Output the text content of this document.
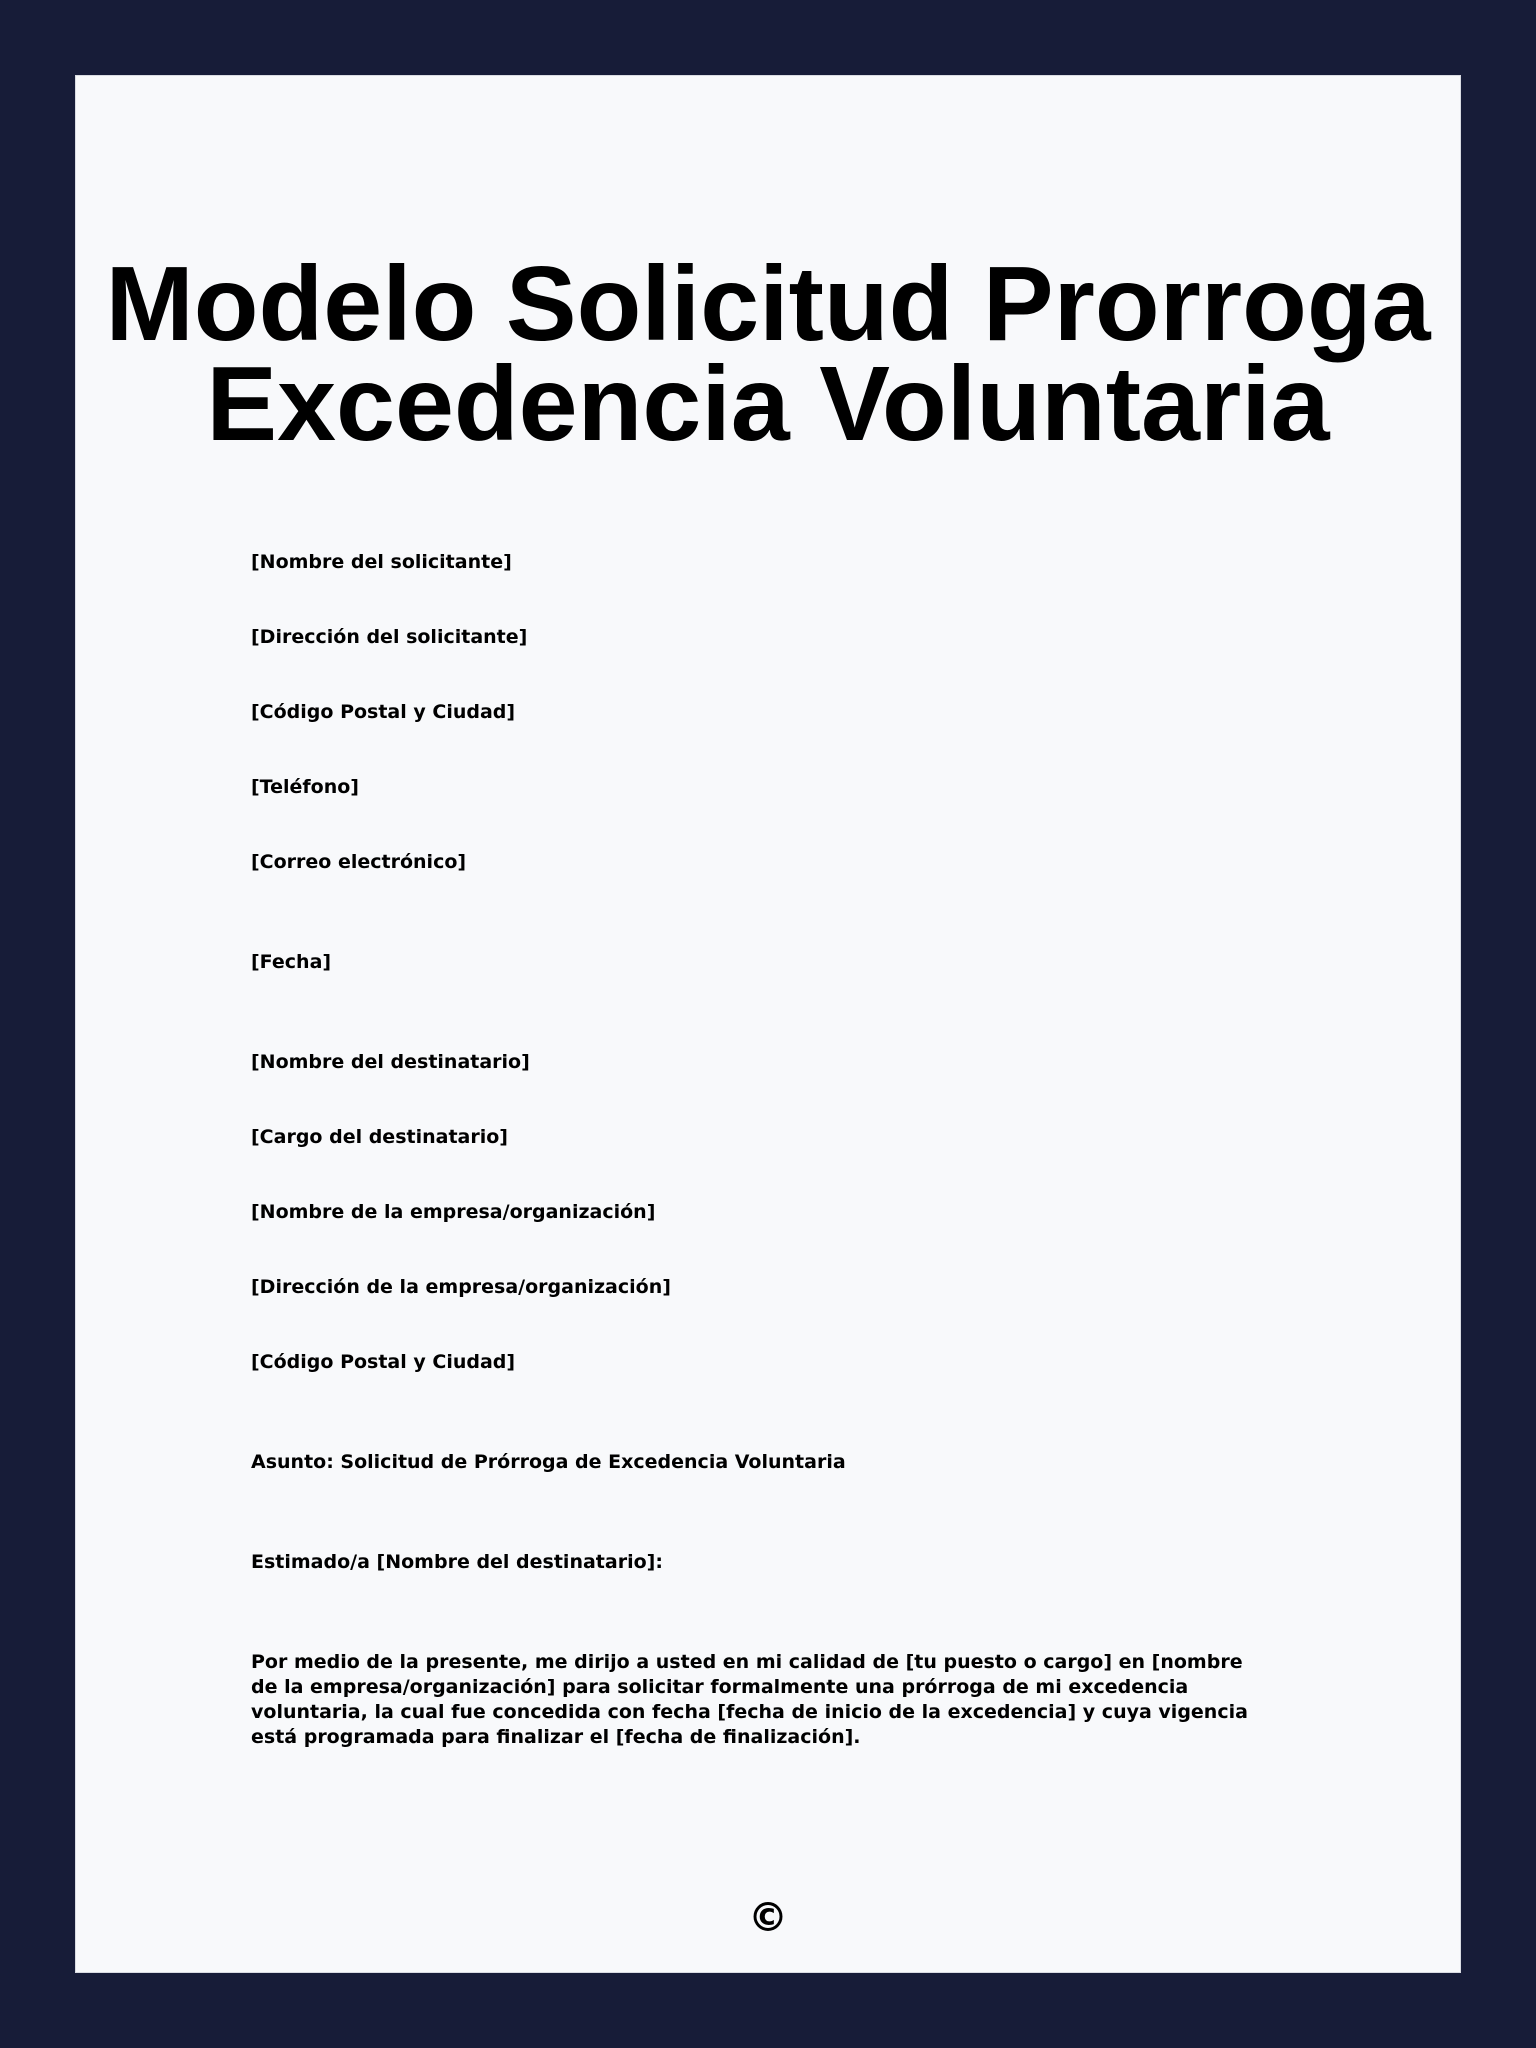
Modelo Solicitud Prorroga
Excedencia Voluntaria
[Nombre del solicitante]
[Dirección del solicitante]
[Código Postal y Ciudad]
[Teléfono]
[Correo electrónico]
[Fecha]
[Nombre del destinatario]
[Cargo del destinatario]
[Nombre de la empresa/organización]
[Dirección de la empresa/organización]
[Código Postal y Ciudad]
Asunto: Solicitud de Prórroga de Excedencia Voluntaria
Estimado/a [Nombre del destinatario]:
Por medio de la presente, me dirijo a usted en mi calidad de [tu puesto o cargo] en [nombre de la empresa/organización] para solicitar formalmente una prórroga de mi excedencia voluntaria, la cual fue concedida con fecha [fecha de inicio de la excedencia] y cuya vigencia está programada para finalizar el [fecha de finalización].
©
